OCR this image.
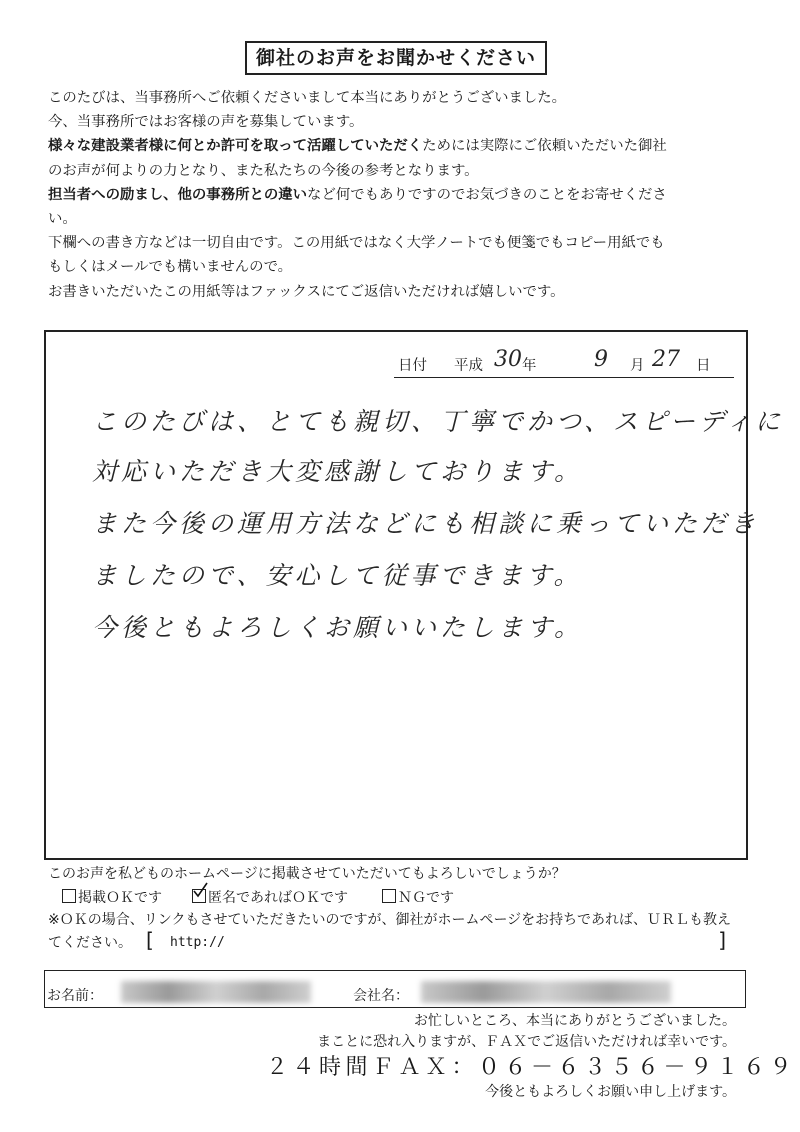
御社のお声をお聞かせください

このたびは、当事務所へご依頼くださいまして本当にありがとうございました。

今、当事務所ではお客様の声を募集しています。

様々な建設業者様に何とか許可を取って活躍していただくためには実際にご依頼いただいた御社

のお声が何よりの力となり、また私たちの今後の参考となります。

担当者への励まし、他の事務所との違いなど何でもありですのでお気づきのことをお寄せくださ

い。

下欄への書き方などは一切自由です。この用紙ではなく大学ノートでも便箋でもコピー用紙でも

もしくはメールでも構いませんので。

お書きいただいたこの用紙等はファックスにてご返信いただければ嬉しいです。

日付 平成 30 年	9 月 27 日
このたびは、とても親切、丁寧でかつ、スピーディに
対応いただき大変感謝しております。
また今後の運用方法などにも相談に乗っていただき
ましたので、安心して従事できます。
今後ともよろしくお願いいたします。
このお声を私どものホームページに掲載させていただいてもよろしいでしょうか？
掲載ＯＫです	匿名であればＯＫです	ＮＧです
※ＯＫの場合、リンクもさせていただきたいのですが、御社がホームページをお持ちであれば、ＵＲＬも教え
てください。 [ http://	]
お名前：	会社名：
お忙しいところ、本当にありがとうございました。
まことに恐れ入りますが、ＦＡＸでご返信いただければ幸いです。
２４時間ＦＡＸ：０６－６３５６－９１６９
今後ともよろしくお願い申し上げます。
